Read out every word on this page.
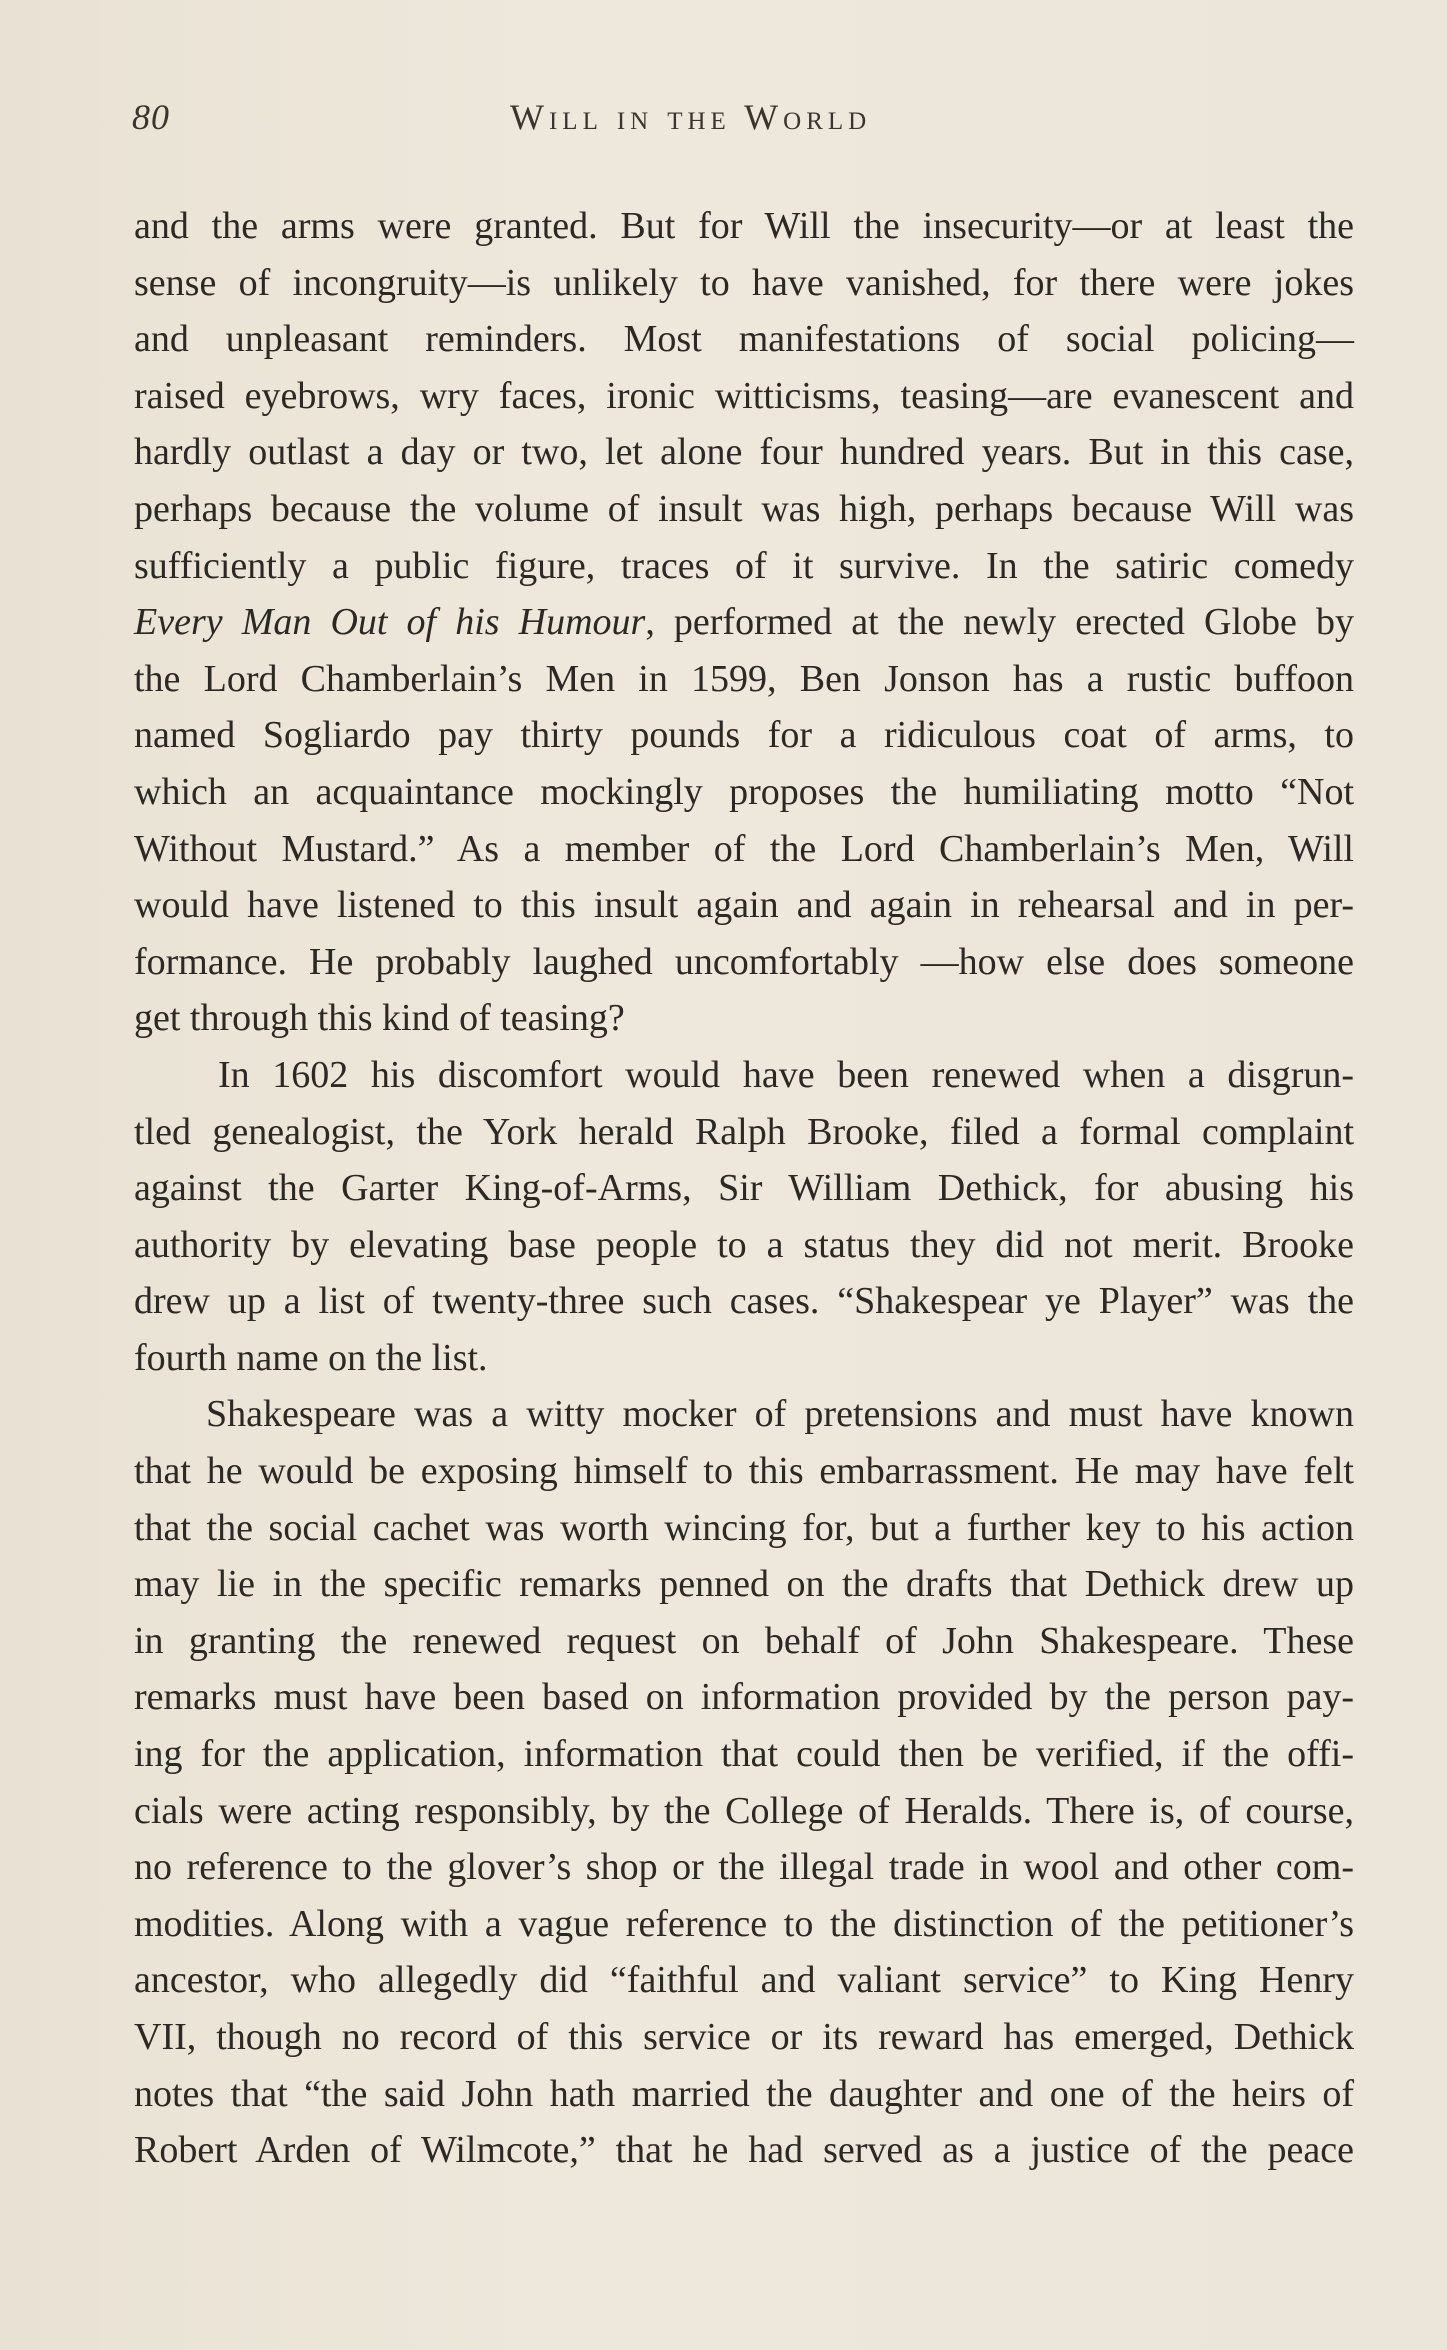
80	Will in the World
and the arms were granted. But for Will the insecurity—or at least the
sense of incongruity—is unlikely to have vanished, for there were jokes
and unpleasant reminders. Most manifestations of social policing—
raised eyebrows, wry faces, ironic witticisms, teasing—are evanescent and
hardly outlast a day or two, let alone four hundred years. But in this case,
perhaps because the volume of insult was high, perhaps because Will was
sufficiently a public figure, traces of it survive. In the satiric comedy
Every Man Out of his Humour, performed at the newly erected Globe by
the Lord Chamberlain’s Men in 1599, Ben Jonson has a rustic buffoon
named Sogliardo pay thirty pounds for a ridiculous coat of arms, to
which an acquaintance mockingly proposes the humiliating motto “Not
Without Mustard.” As a member of the Lord Chamberlain’s Men, Will
would have listened to this insult again and again in rehearsal and in per-
formance. He probably laughed uncomfortably —how else does someone
get through this kind of teasing?
In 1602 his discomfort would have been renewed when a disgrun-
tled genealogist, the York herald Ralph Brooke, filed a formal complaint
against the Garter King-of-Arms, Sir William Dethick, for abusing his
authority by elevating base people to a status they did not merit. Brooke
drew up a list of twenty-three such cases. “Shakespear ye Player” was the
fourth name on the list.
Shakespeare was a witty mocker of pretensions and must have known
that he would be exposing himself to this embarrassment. He may have felt
that the social cachet was worth wincing for, but a further key to his action
may lie in the specific remarks penned on the drafts that Dethick drew up
in granting the renewed request on behalf of John Shakespeare. These
remarks must have been based on information provided by the person pay-
ing for the application, information that could then be verified, if the offi-
cials were acting responsibly, by the College of Heralds. There is, of course,
no reference to the glover’s shop or the illegal trade in wool and other com-
modities. Along with a vague reference to the distinction of the petitioner’s
ancestor, who allegedly did “faithful and valiant service” to King Henry
VII, though no record of this service or its reward has emerged, Dethick
notes that “the said John hath married the daughter and one of the heirs of
Robert Arden of Wilmcote,” that he had served as a justice of the peace
